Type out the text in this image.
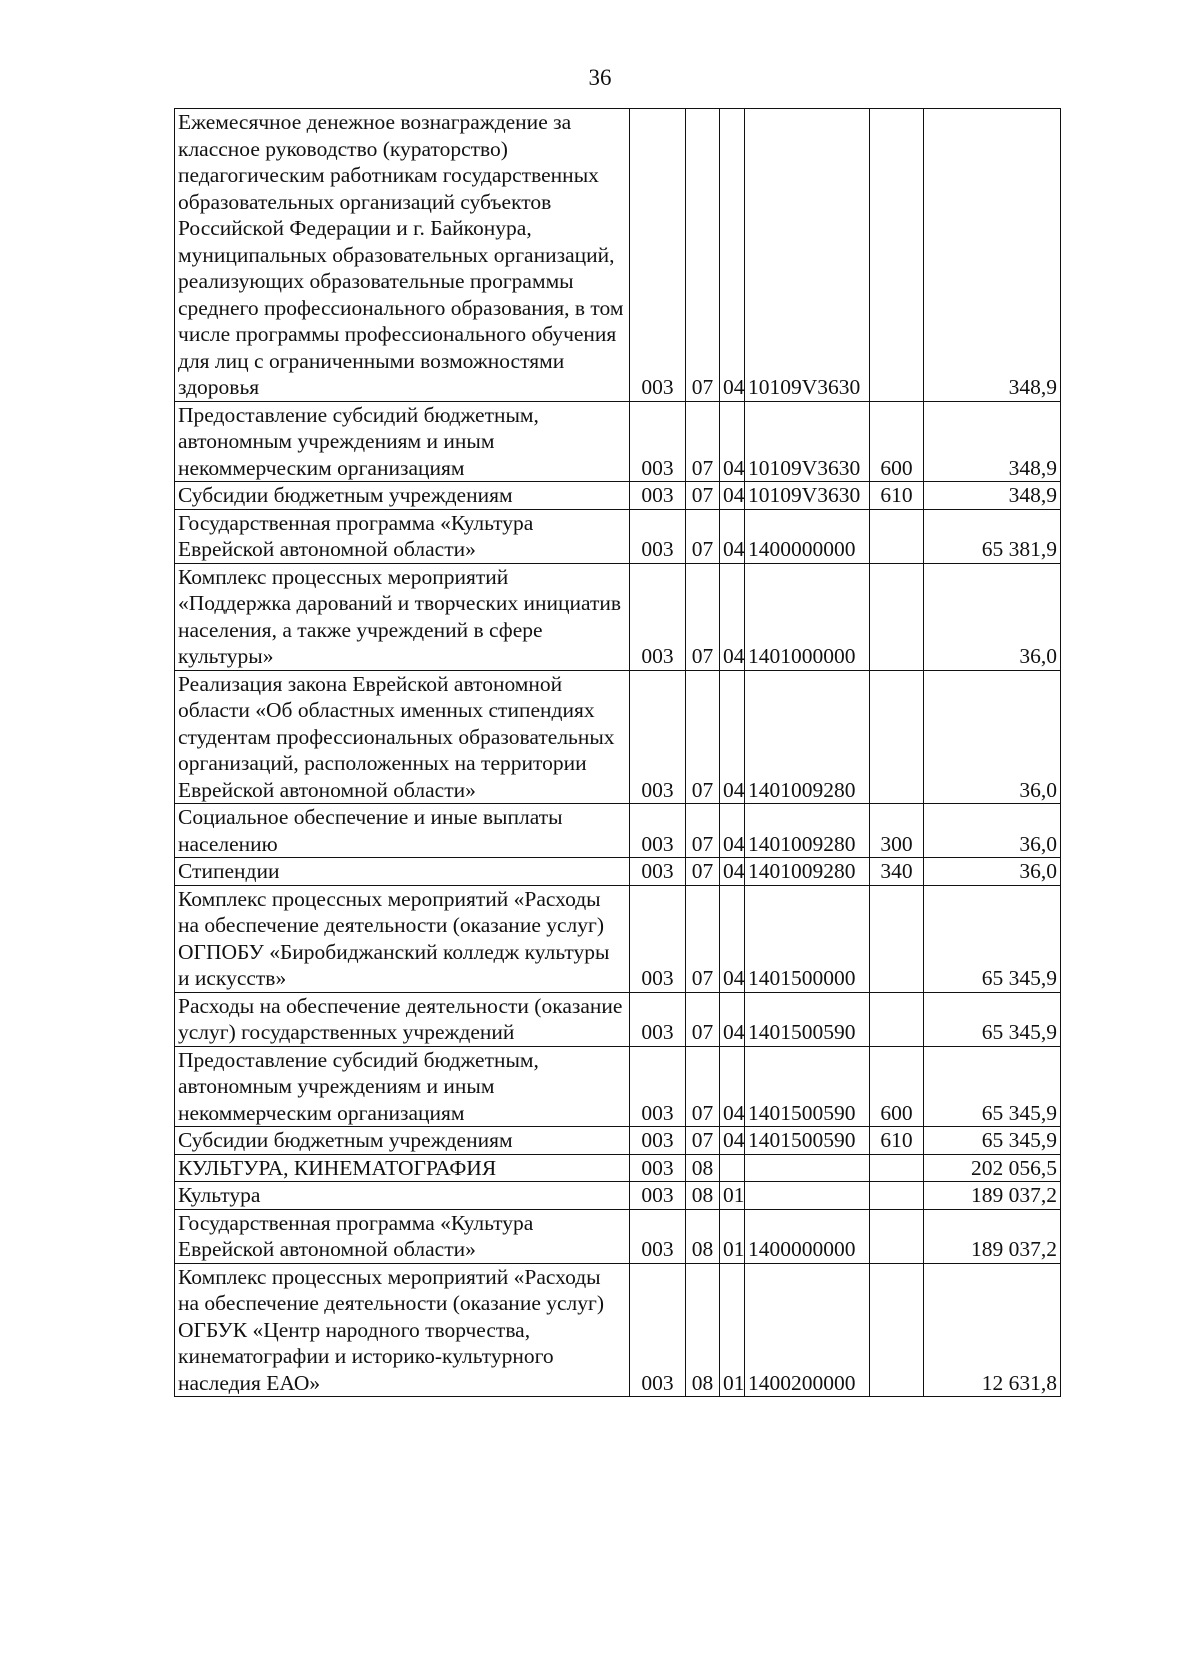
36
Ежемесячное денежное вознаграждение за классное руководство (кураторство) педагогическим работникам государственных образовательных организаций субъектов Российской Федерации и г. Байконура, муниципальных образовательных организаций, реализующих образовательные программы среднего профессионального образования, в том числе программы профессионального обучения для лиц с ограниченными возможностями здоровья	003	07	04	10109V3630		348,9
Предоставление субсидий бюджетным, автономным учреждениям и иным некоммерческим организациям	003	07	04	10109V3630	600	348,9
Субсидии бюджетным учреждениям	003	07	04	10109V3630	610	348,9
Государственная программа «Культура Еврейской автономной области»	003	07	04	1400000000		65 381,9
Комплекс процессных мероприятий «Поддержка дарований и творческих инициатив населения, а также учреждений в сфере культуры»	003	07	04	1401000000		36,0
Реализация закона Еврейской автономной области «Об областных именных стипендиях студентам профессиональных образовательных организаций, расположенных на территории Еврейской автономной области»	003	07	04	1401009280		36,0
Социальное обеспечение и иные выплаты населению	003	07	04	1401009280	300	36,0
Стипендии	003	07	04	1401009280	340	36,0
Комплекс процессных мероприятий «Расходы на обеспечение деятельности (оказание услуг) ОГПОБУ «Биробиджанский колледж культуры и искусств»	003	07	04	1401500000		65 345,9
Расходы на обеспечение деятельности (оказание услуг) государственных учреждений	003	07	04	1401500590		65 345,9
Предоставление субсидий бюджетным, автономным учреждениям и иным некоммерческим организациям	003	07	04	1401500590	600	65 345,9
Субсидии бюджетным учреждениям	003	07	04	1401500590	610	65 345,9
КУЛЬТУРА, КИНЕМАТОГРАФИЯ	003	08				202 056,5
Культура	003	08	01			189 037,2
Государственная программа «Культура Еврейской автономной области»	003	08	01	1400000000		189 037,2
Комплекс процессных мероприятий «Расходы на обеспечение деятельности (оказание услуг) ОГБУК «Центр народного творчества, кинематографии и историко-культурного наследия ЕАО»	003	08	01	1400200000		12 631,8
